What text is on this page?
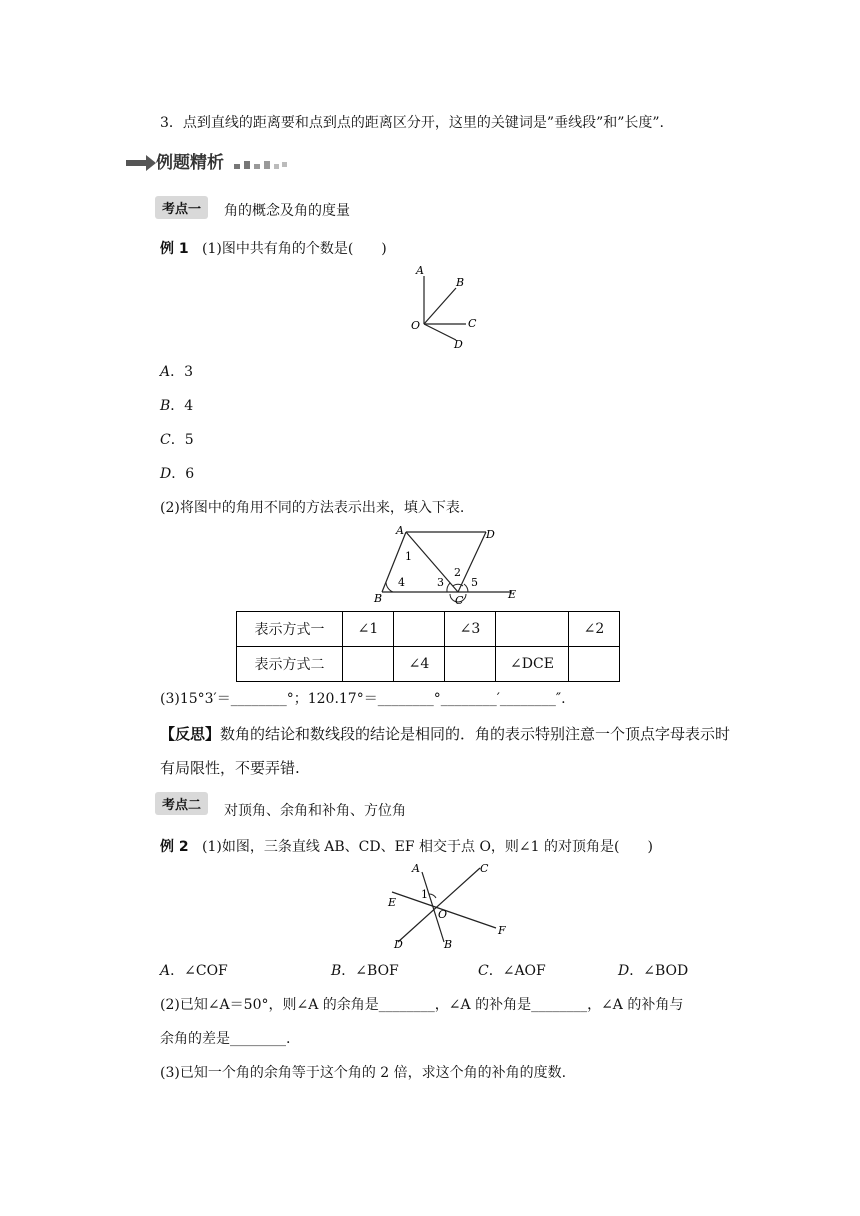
3．点到直线的距离要和点到点的距离区分开，这里的关键词是”垂线段”和”长度”.
例题精析
考点一	角的概念及角的度量
例 1 (1)图中共有角的个数是(　　)
A
B
O	C
D
A．3
B．4
C．5
D．6
(2)将图中的角用不同的方法表示出来，填入下表.
A	D
1
4	3
2
5
B	C	E
表示方式一	∠1		∠3		∠2
表示方式二		∠4		∠DCE	
(3)15°3′＝________°；120.17°＝________°________′________″.
【反思】数角的结论和数线段的结论是相同的．角的表示特别注意一个顶点字母表示时
有局限性，不要弄错.
考点二	对顶角、余角和补角、方位角
例 2 (1)如图，三条直线 AB、CD、EF 相交于点 O，则∠1 的对顶角是(　　)
A	C
E
1
O
F
D	B
A．∠COF	B．∠BOF	C．∠AOF	D．∠BOD
(2)已知∠A＝50°，则∠A 的余角是________，∠A 的补角是________，∠A 的补角与
余角的差是________.
(3)已知一个角的余角等于这个角的 2 倍，求这个角的补角的度数.
